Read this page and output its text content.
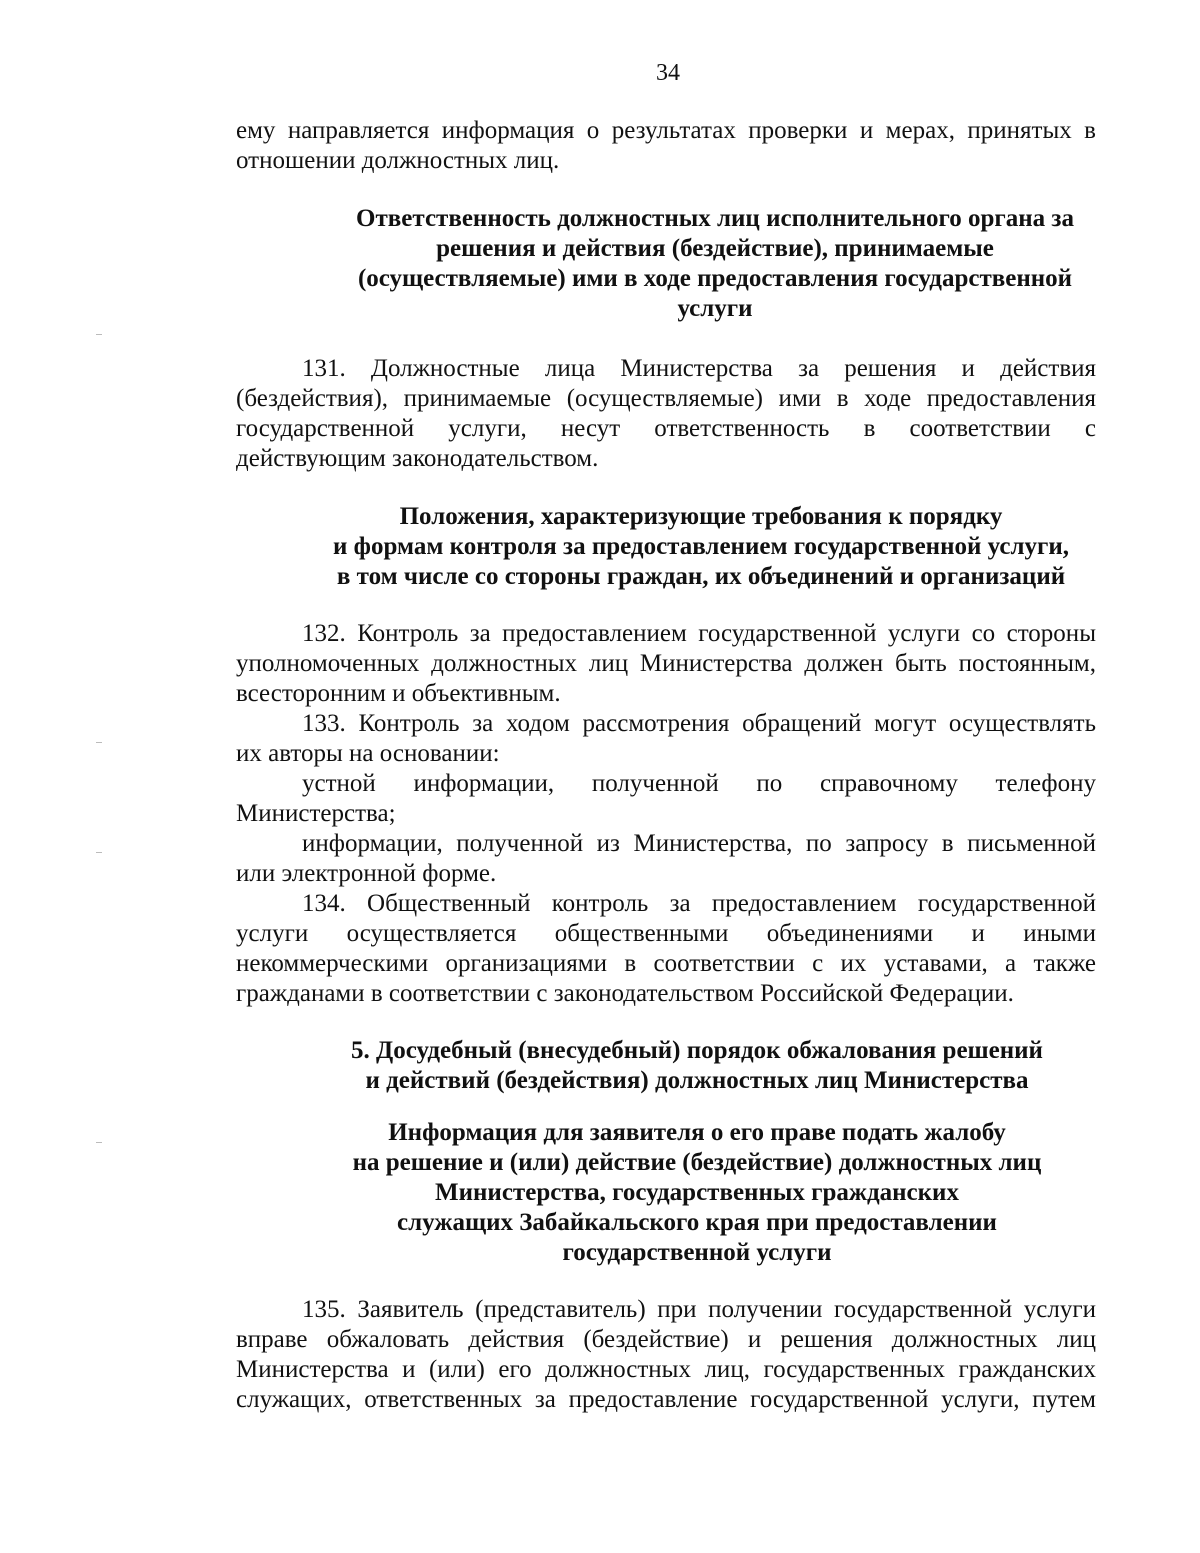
34
ему направляется информация о результатах проверки и мерах, принятых в
отношении должностных лиц.
Ответственность должностных лиц исполнительного органа за
решения и действия (бездействие), принимаемые
(осуществляемые) ими в ходе предоставления государственной
услуги
131. Должностные лица Министерства за решения и действия
(бездействия), принимаемые (осуществляемые) ими в ходе предоставления
государственной услуги, несут ответственность в соответствии с
действующим законодательством.
Положения, характеризующие требования к порядку
и формам контроля за предоставлением государственной услуги,
в том числе со стороны граждан, их объединений и организаций
132. Контроль за предоставлением государственной услуги со стороны
уполномоченных должностных лиц Министерства должен быть постоянным,
всесторонним и объективным.
133. Контроль за ходом рассмотрения обращений могут осуществлять
их авторы на основании:
устной информации, полученной по справочному телефону
Министерства;
информации, полученной из Министерства, по запросу в письменной
или электронной форме.
134. Общественный контроль за предоставлением государственной
услуги осуществляется общественными объединениями и иными
некоммерческими организациями в соответствии с их уставами, а также
гражданами в соответствии с законодательством Российской Федерации.
5. Досудебный (внесудебный) порядок обжалования решений
и действий (бездействия) должностных лиц Министерства
Информация для заявителя о его праве подать жалобу
на решение и (или) действие (бездействие) должностных лиц
Министерства, государственных гражданских
служащих Забайкальского края при предоставлении
государственной услуги
135. Заявитель (представитель) при получении государственной услуги
вправе обжаловать действия (бездействие) и решения должностных лиц
Министерства и (или) его должностных лиц, государственных гражданских
служащих, ответственных за предоставление государственной услуги, путем
